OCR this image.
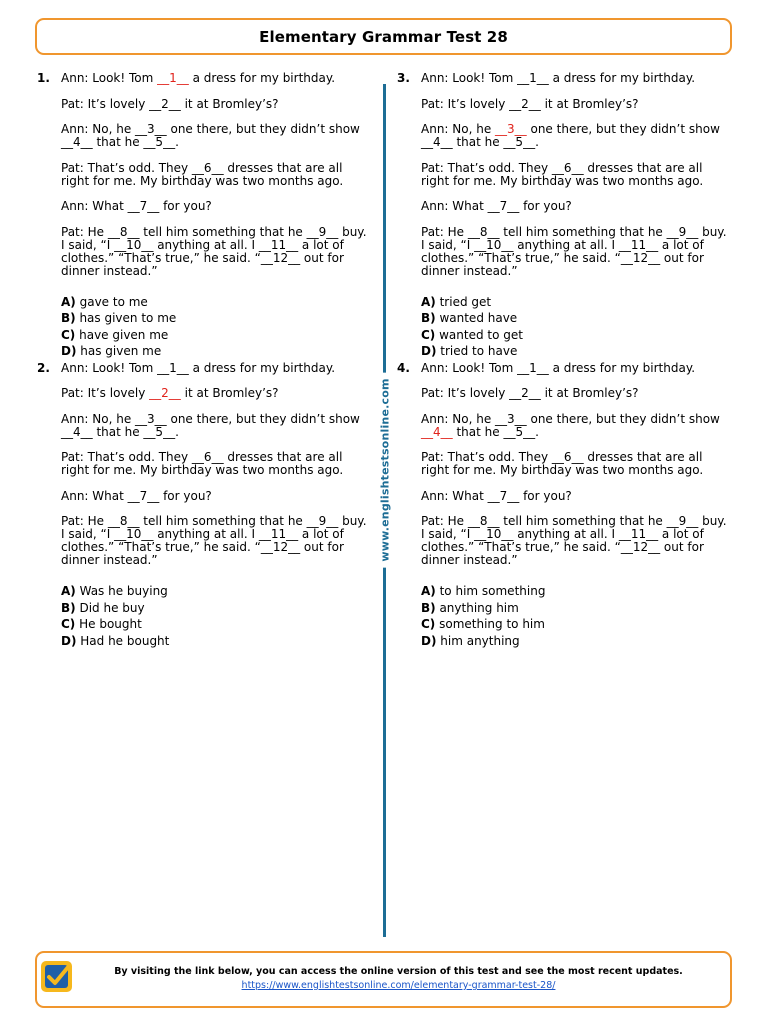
Elementary Grammar Test 28
1. Ann: Look! Tom __1__ a dress for my birthday.

Pat: It’s lovely __2__ it at Bromley’s?

Ann: No, he __3__ one there, but they didn’t show __4__ that he __5__.

Pat: That’s odd. They __6__ dresses that are all right for me. My birthday was two months ago.

Ann: What __7__ for you?

Pat: He __8__ tell him something that he __9__ buy. I said, “I __10__ anything at all. I __11__ a lot of clothes.” “That’s true,” he said. “__12__ out for dinner instead.”

A) gave to me
B) has given to me
C) have given me
D) has given me
2. Ann: Look! Tom __1__ a dress for my birthday.

Pat: It’s lovely __2__ it at Bromley’s?

Ann: No, he __3__ one there, but they didn’t show __4__ that he __5__.

Pat: That’s odd. They __6__ dresses that are all right for me. My birthday was two months ago.

Ann: What __7__ for you?

Pat: He __8__ tell him something that he __9__ buy. I said, “I __10__ anything at all. I __11__ a lot of clothes.” “That’s true,” he said. “__12__ out for dinner instead.”

A) Was he buying
B) Did he buy
C) He bought
D) Had he bought
3. Ann: Look! Tom __1__ a dress for my birthday.

Pat: It’s lovely __2__ it at Bromley’s?

Ann: No, he __3__ one there, but they didn’t show __4__ that he __5__.

Pat: That’s odd. They __6__ dresses that are all right for me. My birthday was two months ago.

Ann: What __7__ for you?

Pat: He __8__ tell him something that he __9__ buy. I said, “I __10__ anything at all. I __11__ a lot of clothes.” “That’s true,” he said. “__12__ out for dinner instead.”

A) tried get
B) wanted have
C) wanted to get
D) tried to have
4. Ann: Look! Tom __1__ a dress for my birthday.

Pat: It’s lovely __2__ it at Bromley’s?

Ann: No, he __3__ one there, but they didn’t show __4__ that he __5__.

Pat: That’s odd. They __6__ dresses that are all right for me. My birthday was two months ago.

Ann: What __7__ for you?

Pat: He __8__ tell him something that he __9__ buy. I said, “I __10__ anything at all. I __11__ a lot of clothes.” “That’s true,” he said. “__12__ out for dinner instead.”

A) to him something
B) anything him
C) something to him
D) him anything
www.englishtestsonline.com
By visiting the link below, you can access the online version of this test and see the most recent updates.
https://www.englishtestsonline.com/elementary-grammar-test-28/
